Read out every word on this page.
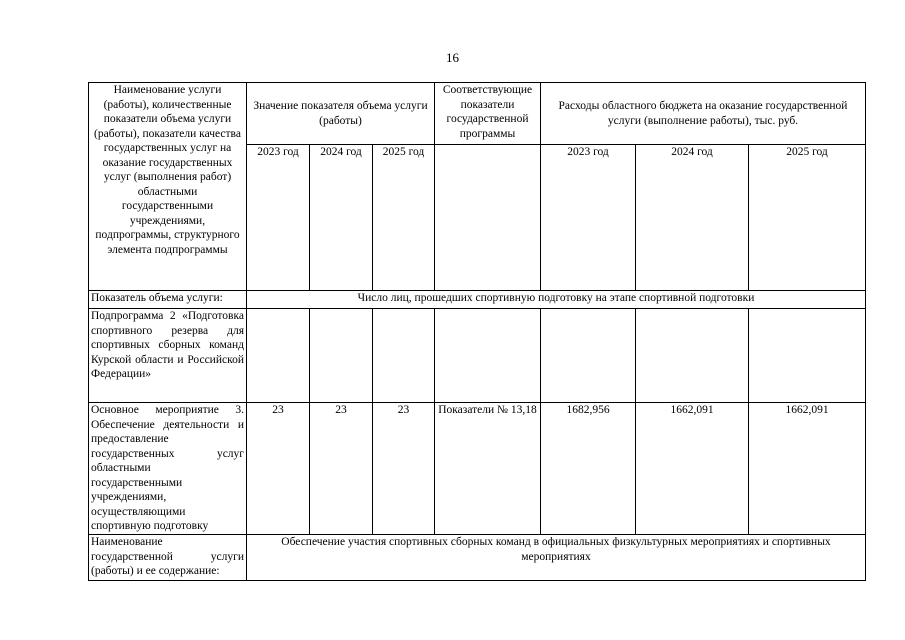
16
Наименование услуги (работы), количественные показатели объема услуги (работы), показатели качества государственных услуг на оказание государственных услуг (выполнения работ) областными государственными учреждениями, подпрограммы, структурного элемента подпрограммы	Значение показателя объема услуги (работы)			Соответствующие показатели государственной программы	Расходы областного бюджета на оказание государственной услуги (выполнение работы), тыс. руб.		
	2023 год	2024 год	2025 год		2023 год	2024 год	2025 год
Показатель объема услуги:	Число лиц, прошедших спортивную подготовку на этапе спортивной подготовки						
Подпрограмма 2 «Подготовка спортивного резерва для спортивных сборных команд Курской области и Российской Федерации»							
Основное мероприятие 3. Обеспечение деятельности и предоставление государственных услуг областными государственными учреждениями, осуществляющими спортивную подготовку	23	23	23	Показатели № 13,18	1682,956	1662,091	1662,091
Наименование государственной услуги (работы) и ее содержание:	Обеспечение участия спортивных сборных команд в официальных физкультурных мероприятиях и спортивных мероприятиях						
